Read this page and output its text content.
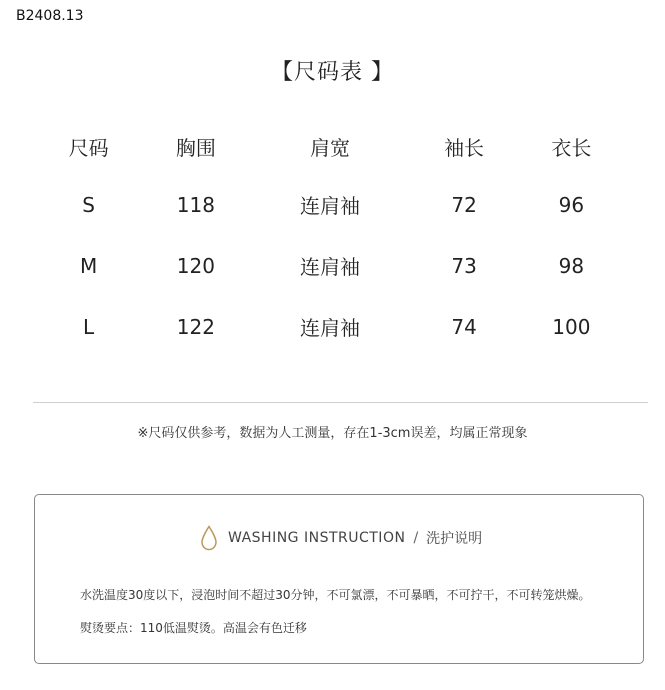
B2408.13
【尺码表 】
尺码	胸围	肩宽	袖长	衣长
S	118	连肩袖	72	96
M	120	连肩袖	73	98
L	122	连肩袖	74	100
※尺码仅供参考，数据为人工测量，存在1-3cm误差，均属正常现象
WASHING INSTRUCTION / 洗护说明
水洗温度30度以下，浸泡时间不超过30分钟，不可氯漂，不可暴晒，不可拧干，不可转笼烘燥。
熨烫要点：110低温熨烫。高温会有色迁移
